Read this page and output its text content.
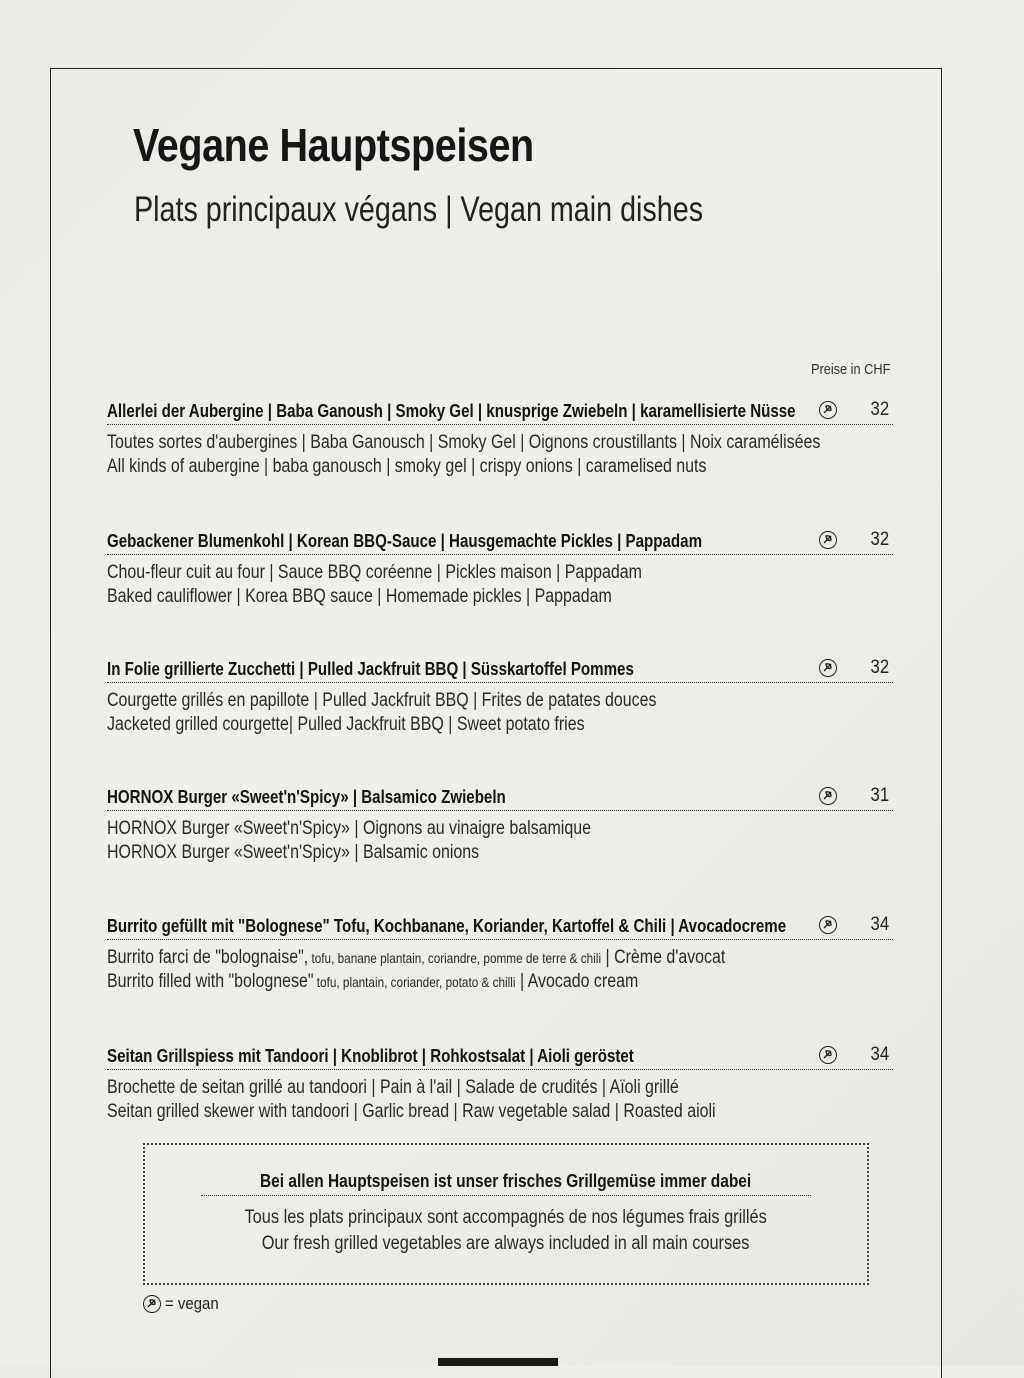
Vegane Hauptspeisen
Plats principaux végans | Vegan main dishes
Preise in CHF
Allerlei der Aubergine | Baba Ganoush | Smoky Gel | knusprige Zwiebeln | karamellisierte Nüsse	32
Toutes sortes d'aubergines | Baba Ganousch | Smoky Gel | Oignons croustillants | Noix caramélisées
All kinds of aubergine | baba ganousch | smoky gel | crispy onions | caramelised nuts
Gebackener Blumenkohl | Korean BBQ-Sauce | Hausgemachte Pickles | Pappadam	32
Chou-fleur cuit au four | Sauce BBQ coréenne | Pickles maison | Pappadam
Baked cauliflower | Korea BBQ sauce | Homemade pickles | Pappadam
In Folie grillierte Zucchetti | Pulled Jackfruit BBQ | Süsskartoffel Pommes	32
Courgette grillés en papillote | Pulled Jackfruit BBQ | Frites de patates douces
Jacketed grilled courgette| Pulled Jackfruit BBQ | Sweet potato fries
HORNOX Burger «Sweet'n'Spicy» | Balsamico Zwiebeln	31
HORNOX Burger «Sweet'n'Spicy» | Oignons au vinaigre balsamique
HORNOX Burger «Sweet'n'Spicy» | Balsamic onions
Burrito gefüllt mit "Bolognese" Tofu, Kochbanane, Koriander, Kartoffel & Chili | Avocadocreme	34
Burrito farci de "bolognaise", tofu, banane plantain, coriandre, pomme de terre & chili | Crème d'avocat
Burrito filled with "bolognese" tofu, plantain, coriander, potato & chilli | Avocado cream
Seitan Grillspiess mit Tandoori | Knoblibrot | Rohkostsalat | Aioli geröstet	34
Brochette de seitan grillé au tandoori | Pain à l'ail | Salade de crudités | Aïoli grillé
Seitan grilled skewer with tandoori | Garlic bread | Raw vegetable salad | Roasted aioli
Bei allen Hauptspeisen ist unser frisches Grillgemüse immer dabei
Tous les plats principaux sont accompagnés de nos légumes frais grillés
Our fresh grilled vegetables are always included in all main courses
= vegan
